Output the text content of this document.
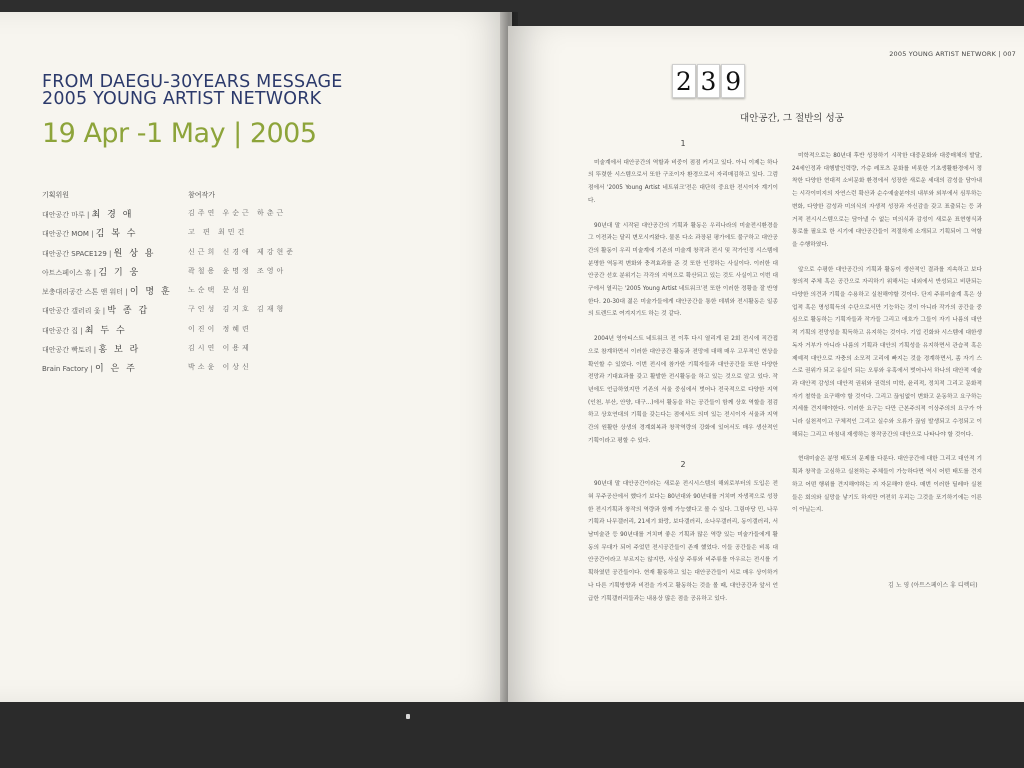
FROM DAEGU-30YEARS MESSAGE
2005 YOUNG ARTIST NETWORK
19 Apr -1 May | 2005
기획위원	참여작가
대안공간 마루 | 최 경 애
대안공간 MOM | 김 복 수
대안공간 SPACE129 | 원 상 용
아트스페이스 휴 | 김 기 웅
보충대리공간 스톤 앤 워터 | 이 명 훈
대안공간 갤러리 옻 | 박 종 갑
대안공간 집 | 최 두 수
대안공간 빡토리 | 홍 보 라
Brain Factory | 이 은 주
김주연 우순근 하춘근
고 편 최민건
신근희 신경애 제강현준
곽철용 윤명정 조영아
노순택 문성원
구인성 김지호 김재형
이진이 정혜련
김시연 이용제
박소윤 이상신
2005 YOUNG ARTIST NETWORK | 007
2 3 9
대안공간, 그 절반의 성공
1
미술계에서 대안공간의 역할과 비중이 점점 커지고 있다. 아니 이제는 하나의 뚜렷한 시스템으로서 또한 구조이자 환경으로서 자리매김하고 있다. 그럼 점에서 '2005 Young Artist 네트워크'전은 대단히 중요한 전시이자 계기이다.
90년대 말 시작된 대안공간의 기획과 활동은 우리나라의 미술전시환경을 그 이전과는 달리 변모시켜왔다. 물론 다소 과장된 평가에도 불구하고 대안공간의 활동이 우리 미술계에 기존의 미술계 창작과 전시 및 작가인정 시스템에 분명한 역동적 변화와 충격효과를 준 것 또한 인정하는 사실이다. 이러한 대안공간 선호 분위기는 각각의 지역으로 확산되고 있는 것도 사실이고 이번 대구에서 열리는 '2005 Young Artist 네트워크'전 또한 이러한 정황을 잘 반영한다. 20-30대 젊은 미술가들에게 대안공간을 통한 데뷔와 전시활동은 일종의 트렌드로 여겨지기도 하는 것 같다.
2004년 영아티스트 네트워크 전 이후 다시 열리게 된 2회 전시에 직간접으로 참계하면서 이러한 대안공간 활동과 전망에 대해 매우 고무적인 현상을 확인할 수 있었다. 이번 전시에 참가한 기획자들과 대안공간들 또한 다양한 전망과 기대효과를 갖고 활발한 전시활동을 하고 있는 것으로 알고 있다. 작년에도 언급하였지만 기존의 서울 중심에서 벗어나 전국적으로 다양한 지역(인천, 부산, 안양, 대구...)에서 활동을 하는 공간들이 함께 상호 역할을 점검하고 상호연대의 기획을 갖는다는 점에서도 의미 있는 전시이자 서울과 지역 간의 원활한 상생의 경계회복과 창작역량의 강화에 있어서도 매우 생산적인 기획이라고 평할 수 있다.
2
90년대 말 대안공간이라는 새로운 전시시스템의 해외로부터의 도입은 전혀 무주공산에서 했다기 보다는 80년대와 90년대를 거치며 자생적으로 성장한 전시기획과 창작의 역량과 함께 가능했다고 볼 수 있다. 그림마당 민, 나무기획과 나무갤러리, 21세기 화랑, 보다갤러리, 소나무갤러리, 동이갤러리, 서남미술관 등 90년대를 거치며 좋은 기획과 많은 역량 있는 미술가들에게 활동의 무대가 되어 주었던 전시공간들이 존재 했었다. 이들 공간들은 비록 대안공간이라고 부르지는 않지만, 사실상 주류와 비주류를 아우르는 전시를 기획하였던 공간들이다. 현재 활동하고 있는 대안공간들이 서로 매우 상이하거나 다른 기획방향과 비전을 가지고 활동하는 것을 볼 때, 대안공간과 앞서 언급한 기획갤러리들과는 내용상 많은 점을 공유하고 있다.
미학적으로는 80년대 후반 성장하기 시작한 대중문화와 대중매체의 발달, 24세인정과 대행발인력량, 가층 레포츠 문화를 비롯한 기초생활환경에서 정착한 다양한 현대적 소비문화 환경에서 성장한 새로운 세대의 감성을 담아내는 시각이미지의 자연스런 확산과 순수예술분야의 내부와 외부에서 심투하는 변화, 다양한 감성과 미의식의 자생적 성장과 자신감을 갖고 표출되는 등 과거적 전시시스템으로는 담아낼 수 없는 미의식과 감성이 새로운 표현형식과 통로를 필요로 한 시기에 대안공간들이 적절하게 소개되고 기획되어 그 역할을 수행하였다.
앞으로 수평한 대안공간의 기획과 활동이 생산적인 결과를 지속하고 보다 창의적 주체 혹은 공간으로 자리하기 위해서는 내외에서 반성되고 비판되는 다양한 의견과 기획을 수용하고 실천해야할 것이다. 단지 주류미술계 혹은 상업적 혹은 명성획득의 수단으로서만 기능하는 것이 아니라 작가의 공간을 중심으로 활동하는 기획자들과 작가들 그리고 애호가 그들이 자기 나름의 대안적 기획의 전망성을 획득하고 유지하는 것이다. 기업 킨화와 시스템에 대한생독자 거부가 아니라 나름의 기획과 대안의 기획성을 유지하면서 관습적 혹은 제예적 대안으로 자충의 소모적 고리에 빠지는 것을 경계하면서, 좀 자기 스스로 권위가 되고 유실이 되는 오류와 유혹에서 벗어나서 하나의 대안적 예술과 대안적 감성의 대안적 권위와 권력의 미학, 윤리적, 정치적 그리고 문화적 자기 철학을 요구해야 할 것이다. 그리고 끊임없이 변화고 운동하고 요구하는 지세를 견지해야한다. 이러한 요구는 다만 근본주의적 이상주의의 요구가 아니라 실천적이고 구체적인 그리고 실수와 오류가 끊임 발생되고 수정되고 이해되는 그리고 마침내 재생하는 창작공간의 대안으로 나타나야 할 것이다.
현대미술은 분명 태도의 문제를 다룬다. 대안공간에 대한 그리고 대안적 기획과 창작을 고심하고 실천하는 주체들이 가능하다면 역시 어떤 태도를 견지하고 어떤 행위를 견지해야하는 지 자문해야 한다. 매번 이러한 딜레마 실천들은 회의와 실망을 낳기도 하지만 여전히 우리는 그것을 포기하기에는 이른 이 아닐는지.
김 노 영 (아트스페이스 휴 디렉터)
